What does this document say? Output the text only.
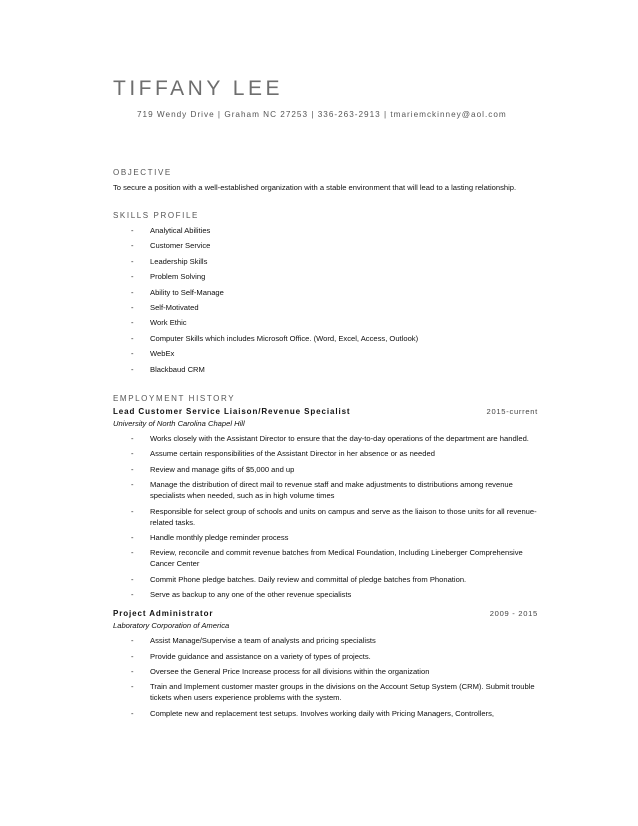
TIFFANY LEE
719 Wendy Drive | Graham NC 27253 | 336-263-2913 | tmariemckinney@aol.com
OBJECTIVE
To secure a position with a well-established organization with a stable environment that will lead to a lasting relationship.
SKILLS PROFILE
- Analytical Abilities
- Customer Service
- Leadership Skills
- Problem Solving
- Ability to Self-Manage
- Self-Motivated
- Work Ethic
- Computer Skills which includes Microsoft Office. (Word, Excel, Access, Outlook)
- WebEx
- Blackbaud CRM
EMPLOYMENT HISTORY
Lead Customer Service Liaison/Revenue Specialist	2015-current
University of North Carolina Chapel Hill
- Works closely with the Assistant Director to ensure that the day-to-day operations of the department are handled.
- Assume certain responsibilities of the Assistant Director in her absence or as needed
- Review and manage gifts of $5,000 and up
- Manage the distribution of direct mail to revenue staff and make adjustments to distributions among revenue specialists when needed, such as in high volume times
- Responsible for select group of schools and units on campus and serve as the liaison to those units for all revenue-related tasks.
- Handle monthly pledge reminder process
- Review, reconcile and commit revenue batches from Medical Foundation, Including Lineberger Comprehensive Cancer Center
- Commit Phone pledge batches. Daily review and committal of pledge batches from Phonation.
- Serve as backup to any one of the other revenue specialists
Project Administrator	2009 - 2015
Laboratory Corporation of America
- Assist Manage/Supervise a team of analysts and pricing specialists
- Provide guidance and assistance on a variety of types of projects.
- Oversee the General Price Increase process for all divisions within the organization
- Train and Implement customer master groups in the divisions on the Account Setup System (CRM). Submit trouble tickets when users experience problems with the system.
- Complete new and replacement test setups. Involves working daily with Pricing Managers, Controllers,
